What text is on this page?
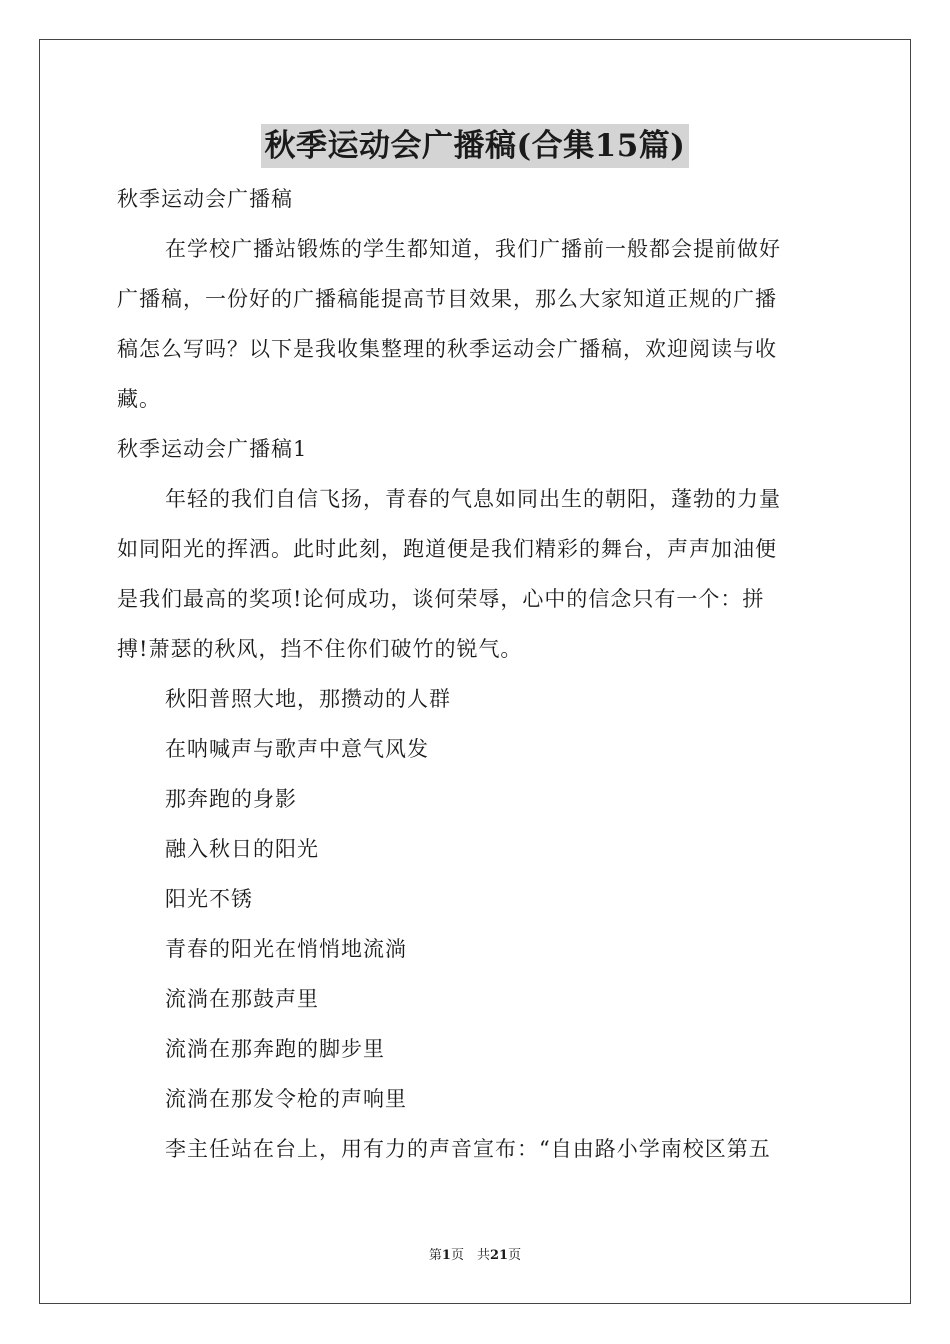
秋季运动会广播稿(合集15篇)
秋季运动会广播稿
在学校广播站锻炼的学生都知道，我们广播前一般都会提前做好
广播稿，一份好的广播稿能提高节目效果，那么大家知道正规的广播
稿怎么写吗？以下是我收集整理的秋季运动会广播稿，欢迎阅读与收
藏。
秋季运动会广播稿1
年轻的我们自信飞扬，青春的气息如同出生的朝阳，蓬勃的力量
如同阳光的挥洒。此时此刻，跑道便是我们精彩的舞台，声声加油便
是我们最高的奖项!论何成功，谈何荣辱，心中的信念只有一个：拼
搏!萧瑟的秋风，挡不住你们破竹的锐气。
秋阳普照大地，那攒动的人群
在呐喊声与歌声中意气风发
那奔跑的身影
融入秋日的阳光
阳光不锈
青春的阳光在悄悄地流淌
流淌在那鼓声里
流淌在那奔跑的脚步里
流淌在那发令枪的声响里
李主任站在台上，用有力的声音宣布：“自由路小学南校区第五
第1页　共21页
